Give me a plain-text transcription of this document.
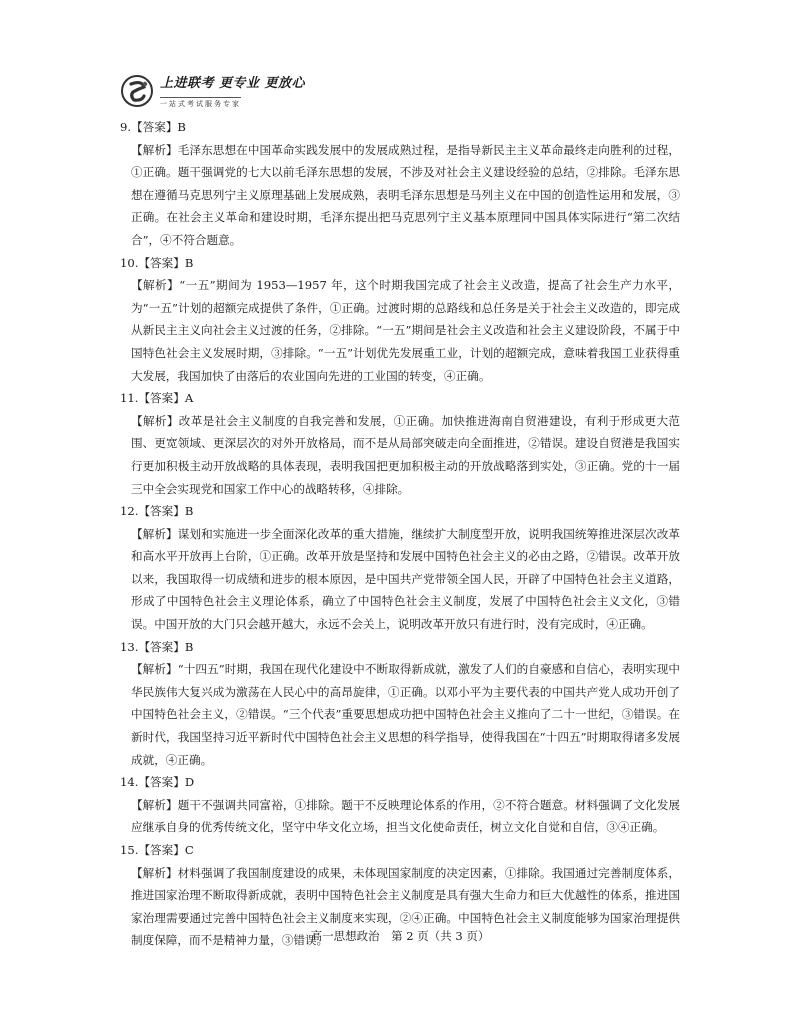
上进联考 更专业 更放心
一站式考试服务专家

9.【答案】B

【解析】毛泽东思想在中国革命实践发展中的发展成熟过程，是指导新民主主义革命最终走向胜利的过程，①正确。题干强调党的七大以前毛泽东思想的发展，不涉及对社会主义建设经验的总结，②排除。毛泽东思想在遵循马克思列宁主义原理基础上发展成熟，表明毛泽东思想是马列主义在中国的创造性运用和发展，③正确。在社会主义革命和建设时期，毛泽东提出把马克思列宁主义基本原理同中国具体实际进行“第二次结合”，④不符合题意。

10.【答案】B

【解析】“一五”期间为 1953—1957 年，这个时期我国完成了社会主义改造，提高了社会生产力水平，为“一五”计划的超额完成提供了条件，①正确。过渡时期的总路线和总任务是关于社会主义改造的，即完成从新民主主义向社会主义过渡的任务，②排除。“一五”期间是社会主义改造和社会主义建设阶段，不属于中国特色社会主义发展时期，③排除。“一五”计划优先发展重工业，计划的超额完成，意味着我国工业获得重大发展，我国加快了由落后的农业国向先进的工业国的转变，④正确。

11.【答案】A

【解析】改革是社会主义制度的自我完善和发展，①正确。加快推进海南自贸港建设，有利于形成更大范围、更宽领域、更深层次的对外开放格局，而不是从局部突破走向全面推进，②错误。建设自贸港是我国实行更加积极主动开放战略的具体表现，表明我国把更加积极主动的开放战略落到实处，③正确。党的十一届三中全会实现党和国家工作中心的战略转移，④排除。

12.【答案】B

【解析】谋划和实施进一步全面深化改革的重大措施，继续扩大制度型开放，说明我国统筹推进深层次改革和高水平开放再上台阶，①正确。改革开放是坚持和发展中国特色社会主义的必由之路，②错误。改革开放以来，我国取得一切成绩和进步的根本原因，是中国共产党带领全国人民，开辟了中国特色社会主义道路，形成了中国特色社会主义理论体系，确立了中国特色社会主义制度，发展了中国特色社会主义文化，③错误。中国开放的大门只会越开越大，永远不会关上，说明改革开放只有进行时，没有完成时，④正确。

13.【答案】B

【解析】“十四五”时期，我国在现代化建设中不断取得新成就，激发了人们的自豪感和自信心，表明实现中华民族伟大复兴成为激荡在人民心中的高昂旋律，①正确。以邓小平为主要代表的中国共产党人成功开创了中国特色社会主义，②错误。“三个代表”重要思想成功把中国特色社会主义推向了二十一世纪，③错误。在新时代，我国坚持习近平新时代中国特色社会主义思想的科学指导，使得我国在“十四五”时期取得诸多发展成就，④正确。

14.【答案】D

【解析】题干不强调共同富裕，①排除。题干不反映理论体系的作用，②不符合题意。材料强调了文化发展应继承自身的优秀传统文化，坚守中华文化立场，担当文化使命责任，树立文化自觉和自信，③④正确。

15.【答案】C

【解析】材料强调了我国制度建设的成果，未体现国家制度的决定因素，①排除。我国通过完善制度体系，推进国家治理不断取得新成就，表明中国特色社会主义制度是具有强大生命力和巨大优越性的体系，推进国家治理需要通过完善中国特色社会主义制度来实现，②④正确。中国特色社会主义制度能够为国家治理提供制度保障，而不是精神力量，③错误。

高一思想政治　第 2 页（共 3 页）
